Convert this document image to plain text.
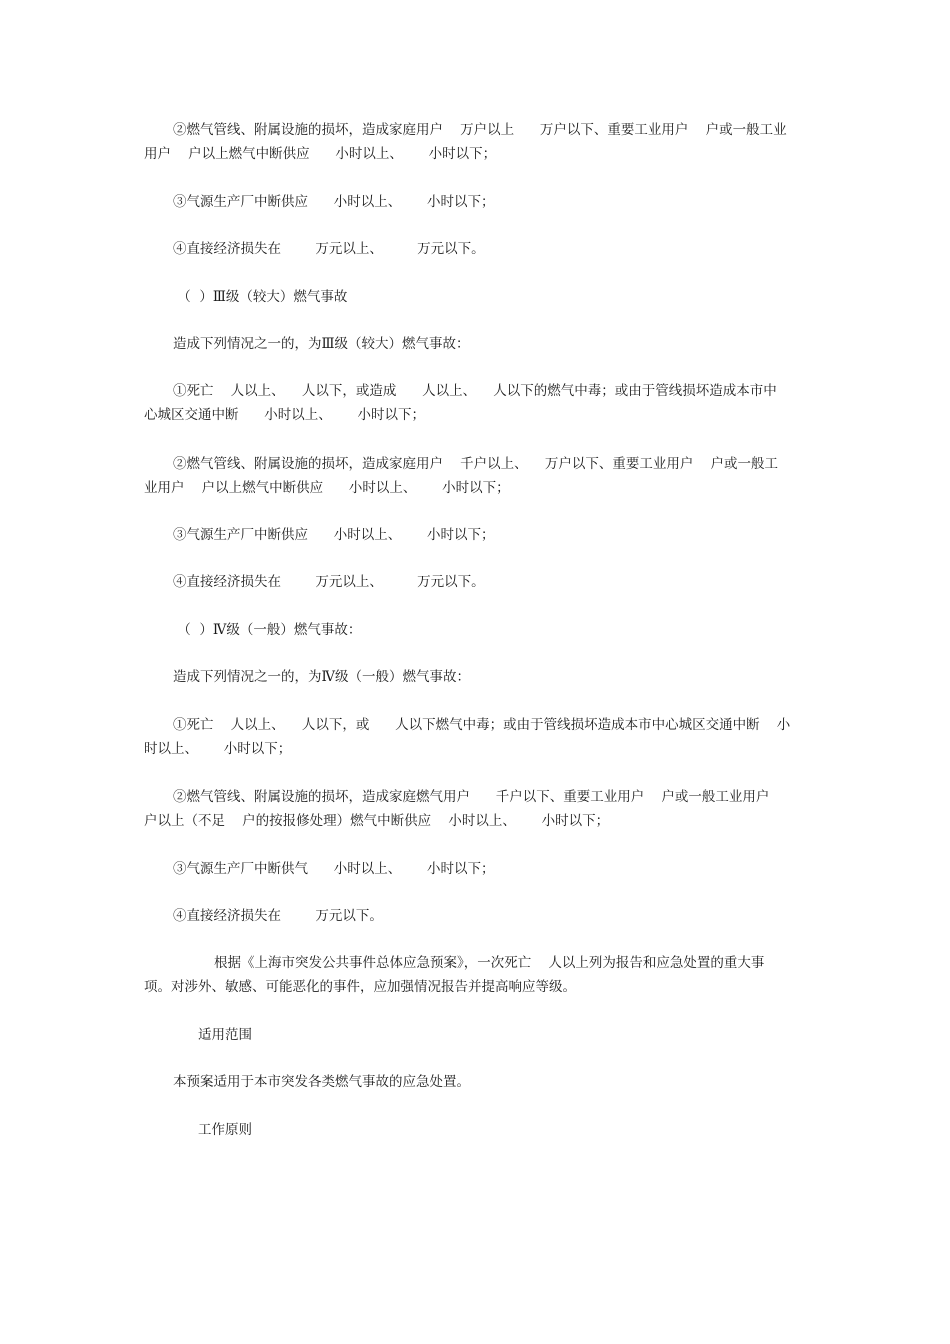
②燃气管线、附属设施的损坏，造成家庭用户    万户以上      万户以下、重要工业用户    户或一般工业
用户    户以上燃气中断供应      小时以上、      小时以下；

③气源生产厂中断供应      小时以上、      小时以下；

④直接经济损失在        万元以上、        万元以下。

（  ）Ⅲ级（较大）燃气事故

造成下列情况之一的，为Ⅲ级（较大）燃气事故：

①死亡    人以上、    人以下，或造成      人以上、    人以下的燃气中毒；或由于管线损坏造成本市中
心城区交通中断      小时以上、      小时以下；

②燃气管线、附属设施的损坏，造成家庭用户    千户以上、    万户以下、重要工业用户    户或一般工
业用户    户以上燃气中断供应      小时以上、      小时以下；

③气源生产厂中断供应      小时以上、      小时以下；

④直接经济损失在        万元以上、        万元以下。

（  ）Ⅳ级（一般）燃气事故：

造成下列情况之一的，为Ⅳ级（一般）燃气事故：

①死亡    人以上、    人以下，或      人以下燃气中毒；或由于管线损坏造成本市中心城区交通中断    小
时以上、      小时以下；

②燃气管线、附属设施的损坏，造成家庭燃气用户      千户以下、重要工业用户    户或一般工业用户
户以上（不足    户的按报修处理）燃气中断供应    小时以上、      小时以下；

③气源生产厂中断供气      小时以上、      小时以下；

④直接经济损失在        万元以下。

根据《上海市突发公共事件总体应急预案》，一次死亡    人以上列为报告和应急处置的重大事
项。对涉外、敏感、可能恶化的事件，应加强情况报告并提高响应等级。

适用范围

本预案适用于本市突发各类燃气事故的应急处置。

工作原则
